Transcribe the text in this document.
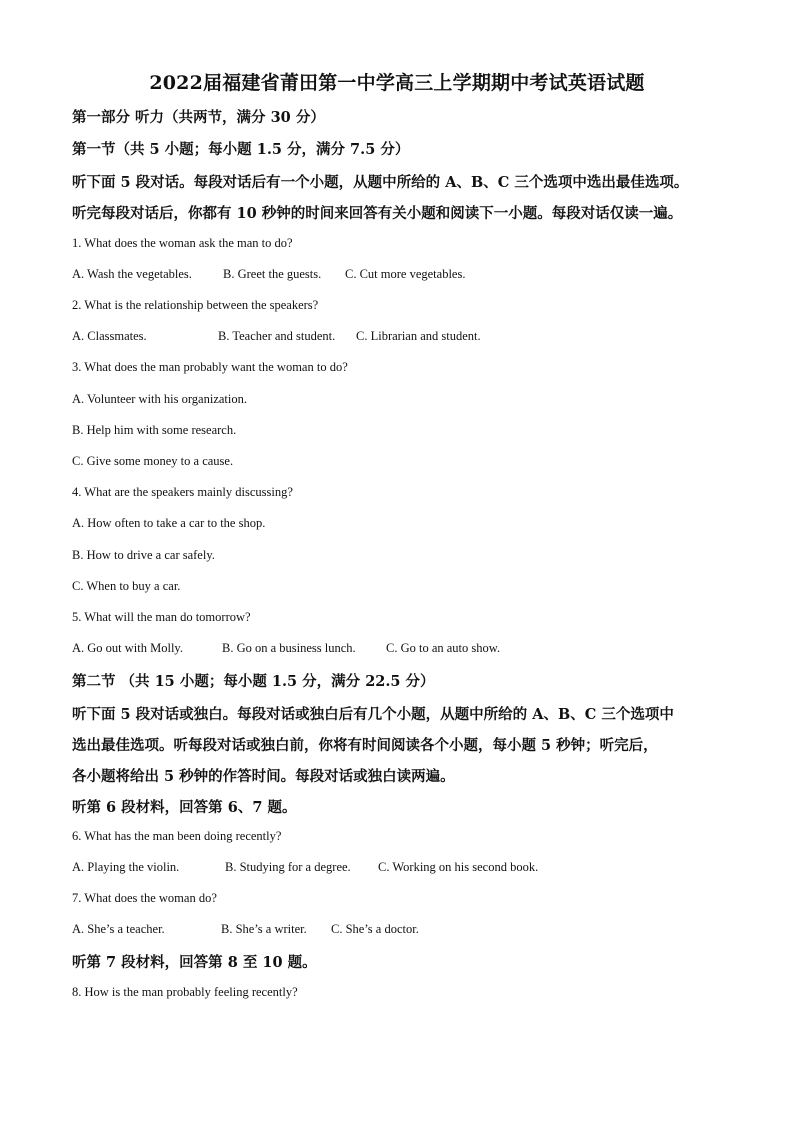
2022届福建省莆田第一中学高三上学期期中考试英语试题
第一部分 听力（共两节，满分 30 分）
第一节（共 5 小题；每小题 1.5 分，满分 7.5 分）
听下面 5 段对话。每段对话后有一个小题，从题中所给的 A、B、C 三个选项中选出最佳选项。
听完每段对话后，你都有 10 秒钟的时间来回答有关小题和阅读下一小题。每段对话仅读一遍。
1. What does the woman ask the man to do?
A. Wash the vegetables. B. Greet the guests. C. Cut more vegetables.
2. What is the relationship between the speakers?
A. Classmates.	B. Teacher and student. C. Librarian and student.
3. What does the man probably want the woman to do?
A. Volunteer with his organization.
B. Help him with some research.
C. Give some money to a cause.
4. What are the speakers mainly discussing?
A. How often to take a car to the shop.
B. How to drive a car safely.
C. When to buy a car.
5. What will the man do tomorrow?
A. Go out with Molly.	B. Go on a business lunch. C. Go to an auto show.
第二节 （共 15 小题；每小题 1.5 分，满分 22.5 分）
听下面 5 段对话或独白。每段对话或独白后有几个小题，从题中所给的 A、B、C 三个选项中
选出最佳选项。听每段对话或独白前，你将有时间阅读各个小题，每小题 5 秒钟；听完后，
各小题将给出 5 秒钟的作答时间。每段对话或独白读两遍。
听第 6 段材料，回答第 6、7 题。
6. What has the man been doing recently?
A. Playing the violin.	B. Studying for a degree. C. Working on his second book.
7. What does the woman do?
A. She’s a teacher.	B. She’s a writer. C. She’s a doctor.
听第 7 段材料，回答第 8 至 10 题。
8. How is the man probably feeling recently?
